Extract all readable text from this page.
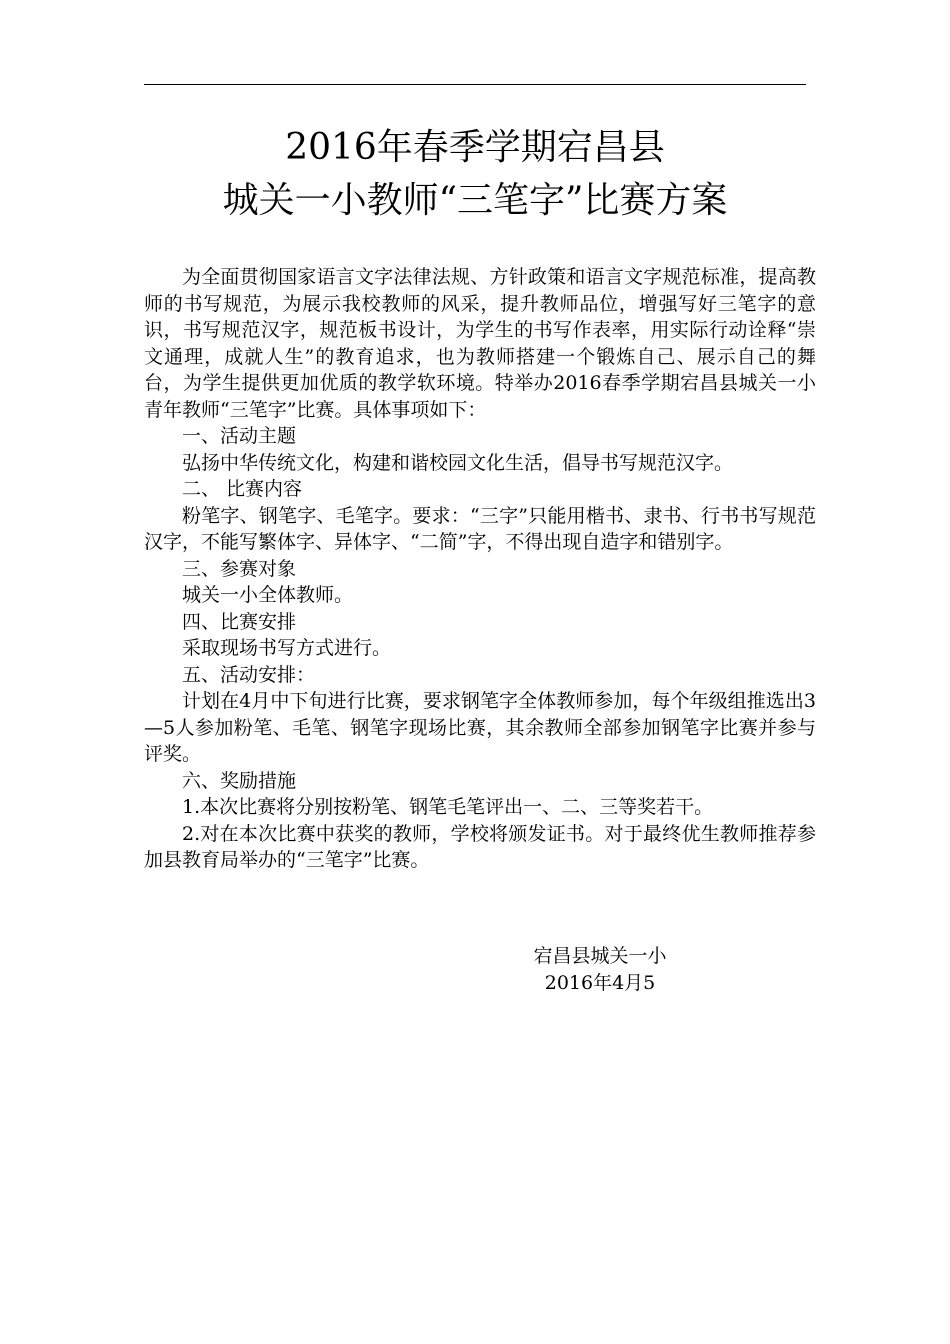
2016年春季学期宕昌县
城关一小教师“三笔字”比赛方案

为全面贯彻国家语言文字法律法规、方针政策和语言文字规范标准，提高教师的书写规范，为展示我校教师的风采，提升教师品位，增强写好三笔字的意识，书写规范汉字，规范板书设计，为学生的书写作表率，用实际行动诠释“崇文通理，成就人生”的教育追求，也为教师搭建一个锻炼自己、展示自己的舞台，为学生提供更加优质的教学软环境。特举办2016春季学期宕昌县城关一小青年教师“三笔字”比赛。具体事项如下：

一、活动主题

弘扬中华传统文化，构建和谐校园文化生活，倡导书写规范汉字。

二、 比赛内容

粉笔字、钢笔字、毛笔字。要求：“三字”只能用楷书、隶书、行书书写规范汉字，不能写繁体字、异体字、“二简”字，不得出现自造字和错别字。

三、参赛对象

城关一小全体教师。

四、比赛安排

采取现场书写方式进行。

五、活动安排：

计划在4月中下旬进行比赛，要求钢笔字全体教师参加，每个年级组推选出3—5人参加粉笔、毛笔、钢笔字现场比赛，其余教师全部参加钢笔字比赛并参与评奖。

六、奖励措施

1.本次比赛将分别按粉笔、钢笔毛笔评出一、二、三等奖若干。

2.对在本次比赛中获奖的教师，学校将颁发证书。对于最终优生教师推荐参加县教育局举办的“三笔字”比赛。

宕昌县城关一小
2016年4月5
